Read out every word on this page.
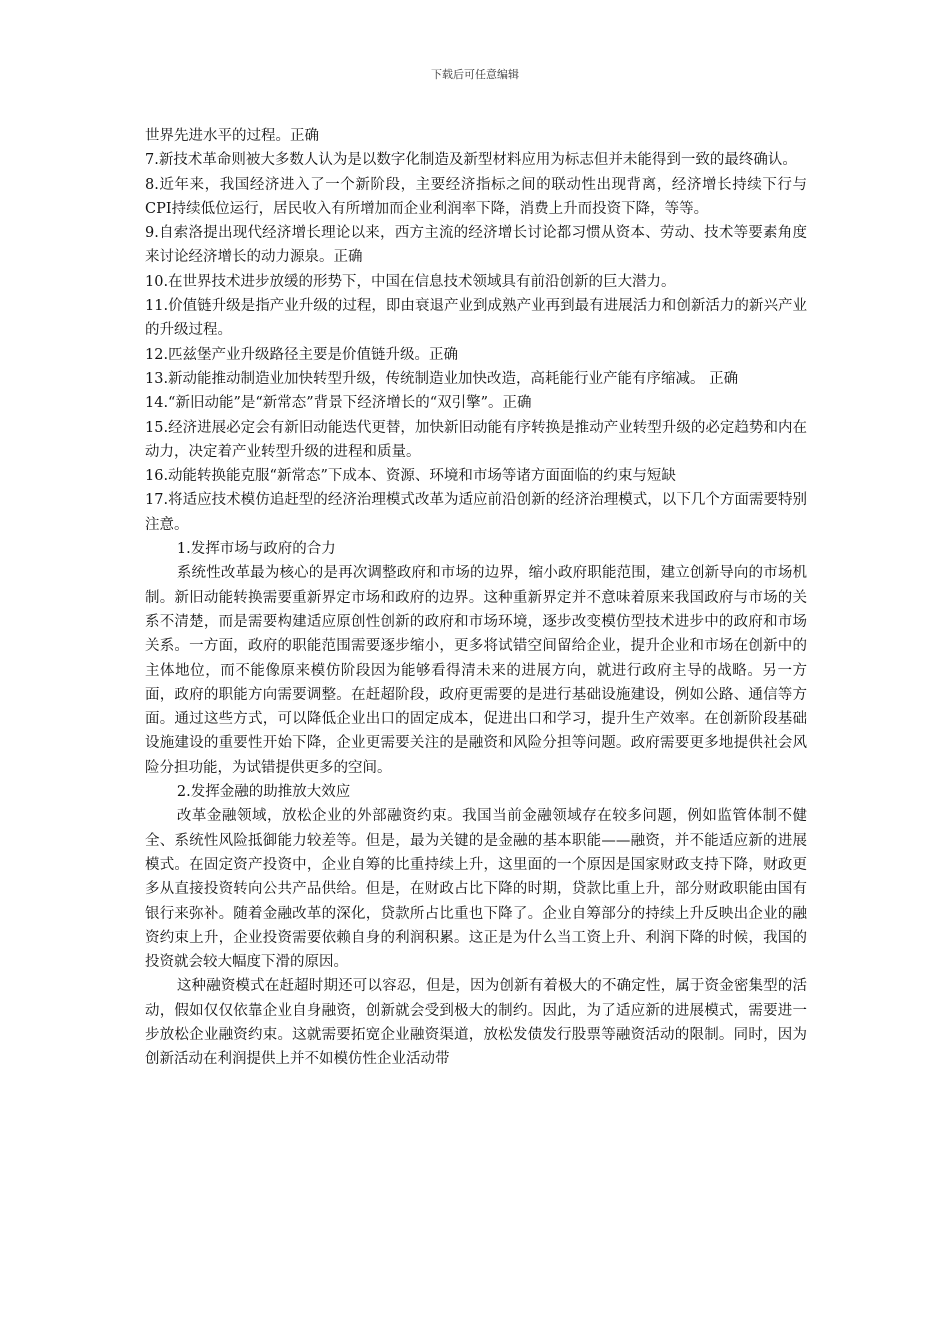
下载后可任意编辑

世界先进水平的过程。正确

7.新技术革命则被大多数人认为是以数字化制造及新型材料应用为标志但并未能得到一致的最终确认。

8.近年来，我国经济进入了一个新阶段，主要经济指标之间的联动性出现背离，经济增长持续下行与CPI持续低位运行，居民收入有所增加而企业利润率下降，消费上升而投资下降，等等。

9.自索洛提出现代经济增长理论以来，西方主流的经济增长讨论都习惯从资本、劳动、技术等要素角度来讨论经济增长的动力源泉。正确

10.在世界技术进步放缓的形势下，中国在信息技术领域具有前沿创新的巨大潜力。

11.价值链升级是指产业升级的过程，即由衰退产业到成熟产业再到最有进展活力和创新活力的新兴产业的升级过程。

12.匹兹堡产业升级路径主要是价值链升级。正确

13.新动能推动制造业加快转型升级，传统制造业加快改造，高耗能行业产能有序缩减。 正确

14.“新旧动能”是“新常态”背景下经济增长的“双引擎”。正确

15.经济进展必定会有新旧动能迭代更替，加快新旧动能有序转换是推动产业转型升级的必定趋势和内在动力，决定着产业转型升级的进程和质量。

16.动能转换能克服“新常态”下成本、资源、环境和市场等诸方面面临的约束与短缺

17.将适应技术模仿追赶型的经济治理模式改革为适应前沿创新的经济治理模式，以下几个方面需要特别注意。

1.发挥市场与政府的合力

系统性改革最为核心的是再次调整政府和市场的边界，缩小政府职能范围，建立创新导向的市场机制。新旧动能转换需要重新界定市场和政府的边界。这种重新界定并不意味着原来我国政府与市场的关系不清楚，而是需要构建适应原创性创新的政府和市场环境，逐步改变模仿型技术进步中的政府和市场关系。一方面，政府的职能范围需要逐步缩小，更多将试错空间留给企业，提升企业和市场在创新中的主体地位，而不能像原来模仿阶段因为能够看得清未来的进展方向，就进行政府主导的战略。另一方面，政府的职能方向需要调整。在赶超阶段，政府更需要的是进行基础设施建设，例如公路、通信等方面。通过这些方式，可以降低企业出口的固定成本，促进出口和学习，提升生产效率。在创新阶段基础设施建设的重要性开始下降，企业更需要关注的是融资和风险分担等问题。政府需要更多地提供社会风险分担功能，为试错提供更多的空间。

2.发挥金融的助推放大效应

改革金融领域，放松企业的外部融资约束。我国当前金融领域存在较多问题，例如监管体制不健全、系统性风险抵御能力较差等。但是，最为关键的是金融的基本职能——融资，并不能适应新的进展模式。在固定资产投资中，企业自筹的比重持续上升，这里面的一个原因是国家财政支持下降，财政更多从直接投资转向公共产品供给。但是，在财政占比下降的时期，贷款比重上升，部分财政职能由国有银行来弥补。随着金融改革的深化，贷款所占比重也下降了。企业自筹部分的持续上升反映出企业的融资约束上升，企业投资需要依赖自身的利润积累。这正是为什么当工资上升、利润下降的时候，我国的投资就会较大幅度下滑的原因。

这种融资模式在赶超时期还可以容忍，但是，因为创新有着极大的不确定性，属于资金密集型的活动，假如仅仅依靠企业自身融资，创新就会受到极大的制约。因此，为了适应新的进展模式，需要进一步放松企业融资约束。这就需要拓宽企业融资渠道，放松发债发行股票等融资活动的限制。同时，因为创新活动在利润提供上并不如模仿性企业活动带
